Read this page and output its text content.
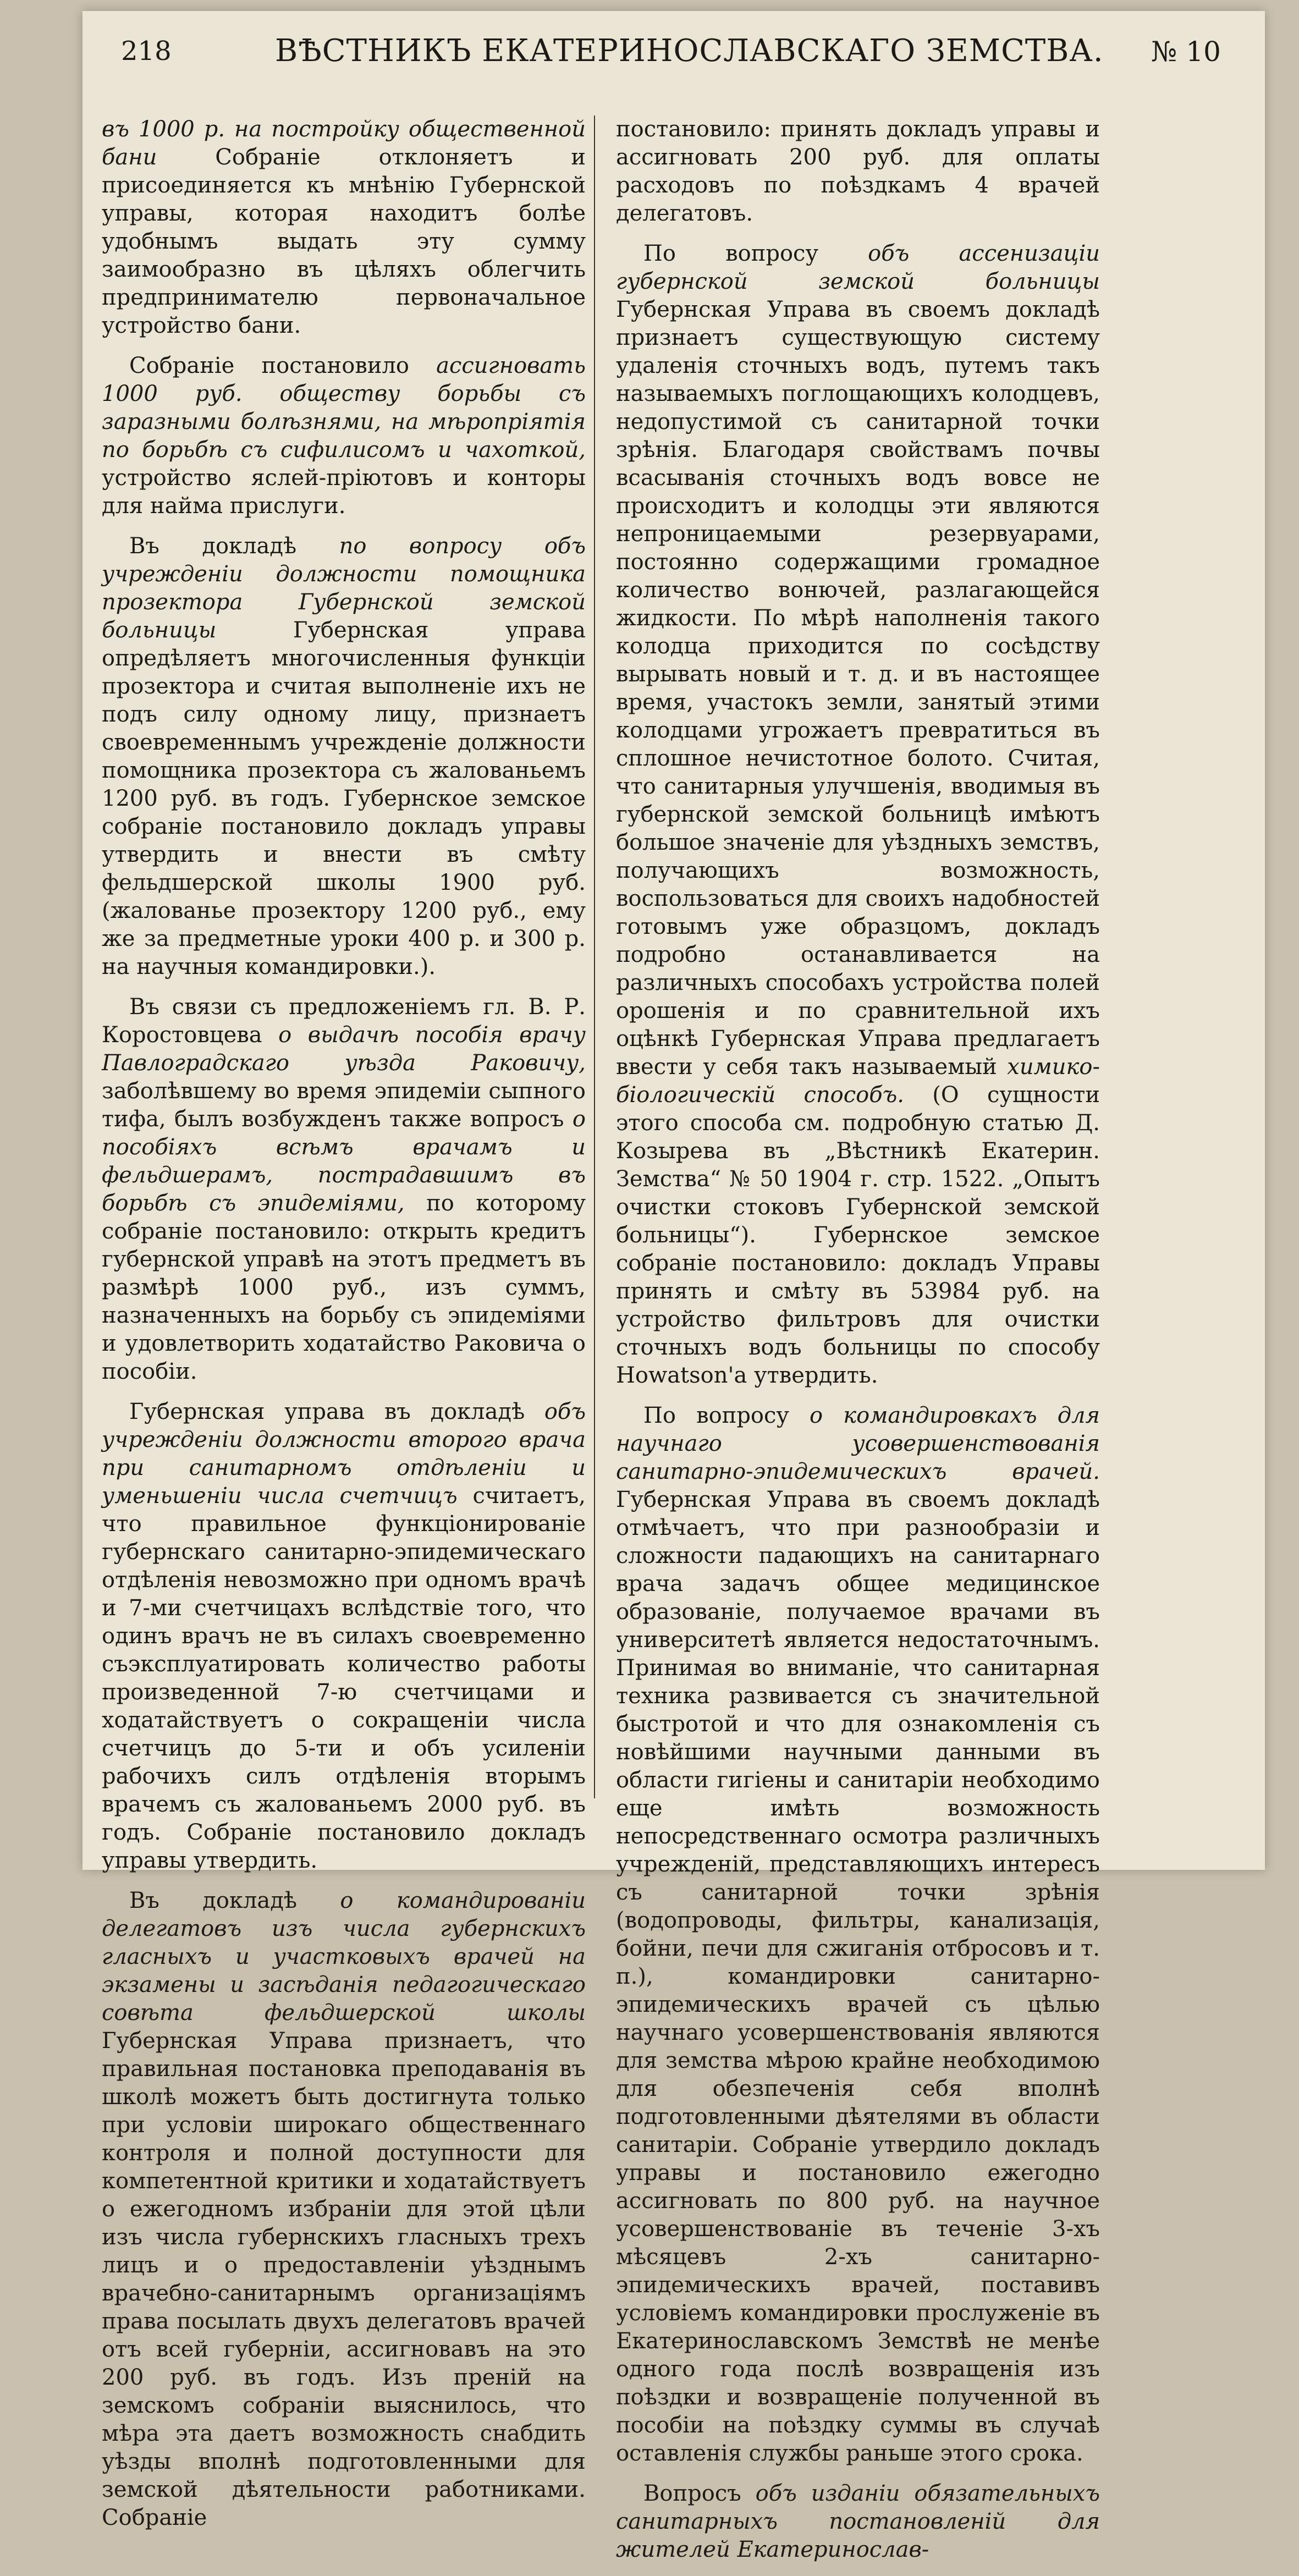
218	ВѢСТНИКЪ ЕКАТЕРИНОСЛАВСКАГО ЗЕМСТВА. № 10

въ 1000 р. на постройку общественной бани Собраніе отклоняетъ и присоединяется къ мнѣнію Губернской управы, которая находитъ болѣе удобнымъ выдать эту сумму заимообразно въ цѣляхъ облегчить предпринимателю первоначальное устройство бани.

Собраніе постановило ассигновать 1000 руб. обществу борьбы съ заразными болѣзнями, на мѣропріятія по борьбѣ съ сифилисомъ и чахоткой, устройство яслей-пріютовъ и конторы для найма прислуги.

Въ докладѣ по вопросу объ учрежденіи должности помощника прозектора Губернской земской больницы Губернская управа опредѣляетъ многочисленныя функціи прозектора и считая выполненіе ихъ не подъ силу одному лицу, признаетъ своевременнымъ учрежденіе должности помощника прозектора съ жалованьемъ 1200 руб. въ годъ. Губернское земское собраніе постановило докладъ управы утвердить и внести въ смѣту фельдшерской школы 1900 руб. (жалованье прозектору 1200 руб., ему же за предметные уроки 400 р. и 300 р. на научныя командировки.).

Въ связи съ предложеніемъ гл. В. Р. Коростовцева о выдачѣ пособія врачу Павлоградскаго уѣзда Раковичу, заболѣвшему во время эпидеміи сыпного тифа, былъ возбужденъ также вопросъ о пособіяхъ всѣмъ врачамъ и фельдшерамъ, пострадавшимъ въ борьбѣ съ эпидеміями, по которому собраніе постановило: открыть кредитъ губернской управѣ на этотъ предметъ въ размѣрѣ 1000 руб., изъ суммъ, назначенныхъ на борьбу съ эпидеміями и удовлетворить ходатайство Раковича о пособіи.

Губернская управа въ докладѣ объ учрежденіи должности второго врача при санитарномъ отдѣленіи и уменьшеніи числа счетчицъ считаетъ, что правильное функціонированіе губернскаго санитарно-эпидемическаго отдѣленія невозможно при одномъ врачѣ и 7-ми счетчицахъ вслѣдствіе того, что одинъ врачъ не въ силахъ своевременно съэксплуатировать количество работы произведенной 7-ю счетчицами и ходатайствуетъ о сокращеніи числа счетчицъ до 5-ти и объ усиленіи рабочихъ силъ отдѣленія вторымъ врачемъ съ жалованьемъ 2000 руб. въ годъ. Собраніе постановило докладъ управы утвердить.

Въ докладѣ о командированіи делегатовъ изъ числа губернскихъ гласныхъ и участковыхъ врачей на экзамены и засѣданія педагогическаго совѣта фельдшерской школы Губернская Управа признаетъ, что правильная постановка преподаванія въ школѣ можетъ быть достигнута только при условіи широкаго общественнаго контроля и полной доступности для компетентной критики и ходатайствуетъ о ежегодномъ избраніи для этой цѣли изъ числа губернскихъ гласныхъ трехъ лицъ и о предоставленіи уѣзднымъ врачебно-санитарнымъ организаціямъ права посылать двухъ делегатовъ врачей отъ всей губерніи, ассигновавъ на это 200 руб. въ годъ. Изъ преній на земскомъ собраніи выяснилось, что мѣра эта даетъ возможность снабдить уѣзды вполнѣ подготовленными для земской дѣятельности работниками. Собраніе

постановило: принять докладъ управы и ассигновать 200 руб. для оплаты расходовъ по поѣздкамъ 4 врачей делегатовъ.

По вопросу объ ассенизаціи губернской земской больницы Губернская Управа въ своемъ докладѣ признаетъ существующую систему удаленія сточныхъ водъ, путемъ такъ называемыхъ поглощающихъ колодцевъ, недопустимой съ санитарной точки зрѣнія. Благодаря свойствамъ почвы всасыванія сточныхъ водъ вовсе не происходитъ и колодцы эти являются непроницаемыми резервуарами, постоянно содержащими громадное количество вонючей, разлагающейся жидкости. По мѣрѣ наполненія такого колодца приходится по сосѣдству вырывать новый и т. д. и въ настоящее время, участокъ земли, занятый этими колодцами угрожаетъ превратиться въ сплошное нечистотное болото. Считая, что санитарныя улучшенія, вводимыя въ губернской земской больницѣ имѣютъ большое значеніе для уѣздныхъ земствъ, получающихъ возможность, воспользоваться для своихъ надобностей готовымъ уже образцомъ, докладъ подробно останавливается на различныхъ способахъ устройства полей орошенія и по сравнительной ихъ оцѣнкѣ Губернская Управа предлагаетъ ввести у себя такъ называемый химико-біологическій способъ. (О сущности этого способа см. подробную статью Д. Козырева въ „Вѣстникѣ Екатерин. Земства“ № 50 1904 г. стр. 1522. „Опытъ очистки стоковъ Губернской земской больницы“). Губернское земское собраніе постановило: докладъ Управы принять и смѣту въ 53984 руб. на устройство фильтровъ для очистки сточныхъ водъ больницы по способу Howatson'а утвердить.

По вопросу о командировкахъ для научнаго усовершенствованія санитарно-эпидемическихъ врачей. Губернская Управа въ своемъ докладѣ отмѣчаетъ, что при разнообразіи и сложности падающихъ на санитарнаго врача задачъ общее медицинское образованіе, получаемое врачами въ университетѣ является недостаточнымъ. Принимая во вниманіе, что санитарная техника развивается съ значительной быстротой и что для ознакомленія съ новѣйшими научными данными въ области гигіены и санитаріи необходимо еще имѣть возможность непосредственнаго осмотра различныхъ учрежденій, представляющихъ интересъ съ санитарной точки зрѣнія (водопроводы, фильтры, канализація, бойни, печи для сжиганія отбросовъ и т. п.), командировки санитарно-эпидемическихъ врачей съ цѣлью научнаго усовершенствованія являются для земства мѣрою крайне необходимою для обезпеченія себя вполнѣ подготовленными дѣятелями въ области санитаріи. Собраніе утвердило докладъ управы и постановило ежегодно ассигновать по 800 руб. на научное усовершенствованіе въ теченіе 3-хъ мѣсяцевъ 2-хъ санитарно-эпидемическихъ врачей, поставивъ условіемъ командировки прослуженіе въ Екатеринославскомъ Земствѣ не менѣе одного года послѣ возвращенія изъ поѣздки и возвращеніе полученной въ пособіи на поѣздку суммы въ случаѣ оставленія службы раньше этого срока.

Вопросъ объ изданіи обязательныхъ санитарныхъ постановленій для жителей Екатеринослав-
